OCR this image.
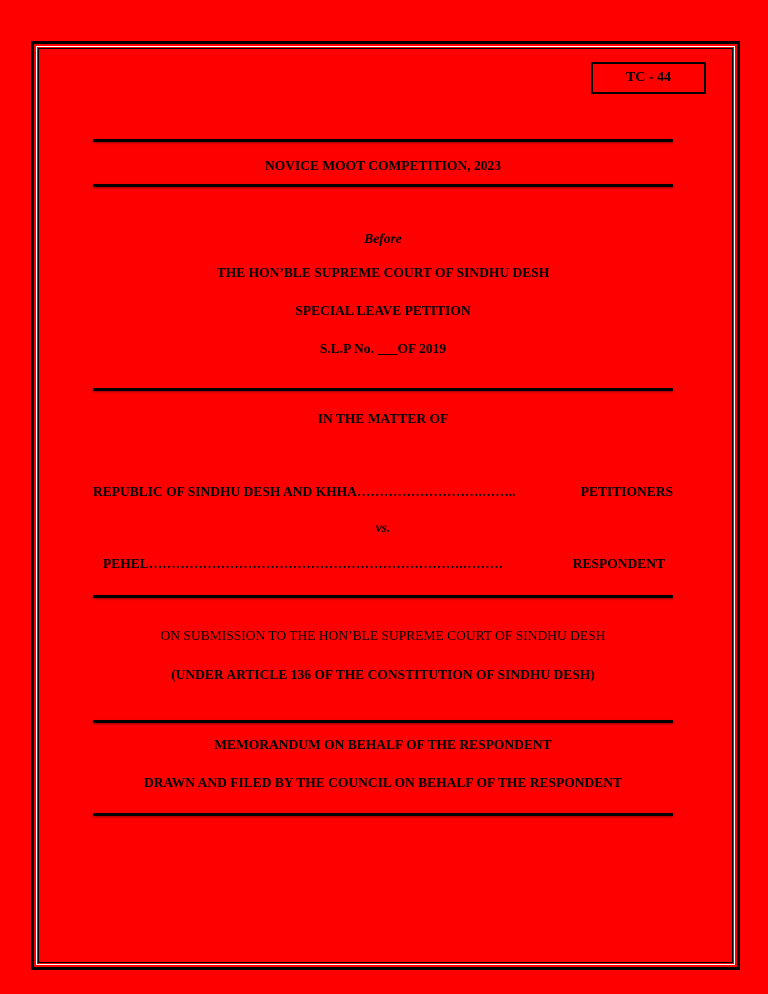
TC - 44
NOVICE MOOT COMPETITION, 2023
Before
THE HON’BLE SUPREME COURT OF SINDHU DESH
SPECIAL LEAVE PETITION
S.L.P No. ___OF 2019
IN THE MATTER OF
REPUBLIC OF SINDHU DESH AND KHHA ……………………….……..	PETITIONERS
vs.
PEHEL …………………………………………………………….………	RESPONDENT
ON SUBMISSION TO THE HON’BLE SUPREME COURT OF SINDHU DESH
(UNDER ARTICLE 136 OF THE CONSTITUTION OF SINDHU DESH)
MEMORANDUM ON BEHALF OF THE RESPONDENT
DRAWN AND FILED BY THE COUNCIL ON BEHALF OF THE RESPONDENT
